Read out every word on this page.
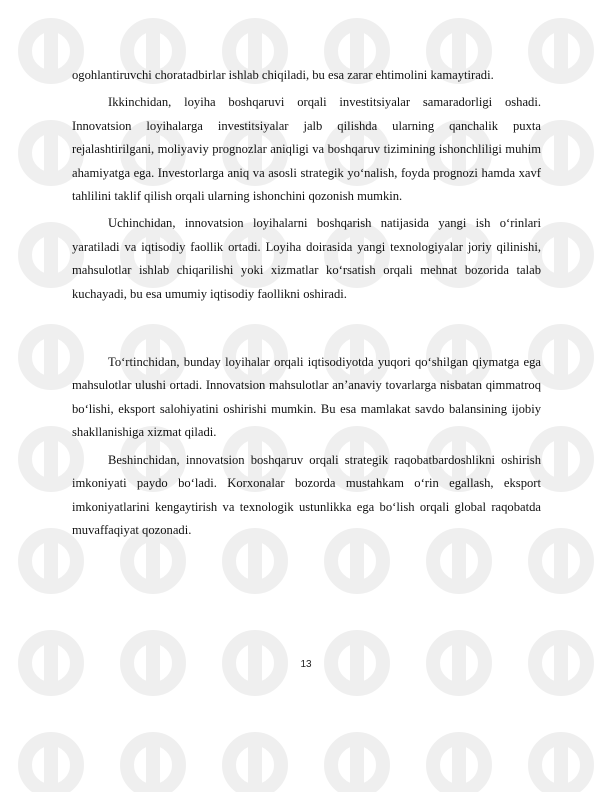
ogohlantiruvchi choratadbirlar ishlab chiqiladi, bu esa zarar ehtimolini kamaytiradi.

Ikkinchidan, loyiha boshqaruvi orqali investitsiyalar samaradorligi oshadi. Innovatsion loyihalarga investitsiyalar jalb qilishda ularning qanchalik puxta rejalashtirilgani, moliyaviy prognozlar aniqligi va boshqaruv tizimining ishonchliligi muhim ahamiyatga ega. Investorlarga aniq va asosli strategik yo‘nalish, foyda prognozi hamda xavf tahlilini taklif qilish orqali ularning ishonchini qozonish mumkin.

Uchinchidan, innovatsion loyihalarni boshqarish natijasida yangi ish o‘rinlari yaratiladi va iqtisodiy faollik ortadi. Loyiha doirasida yangi texnologiyalar joriy qilinishi, mahsulotlar ishlab chiqarilishi yoki xizmatlar ko‘rsatish orqali mehnat bozorida talab kuchayadi, bu esa umumiy iqtisodiy faollikni oshiradi.

To‘rtinchidan, bunday loyihalar orqali iqtisodiyotda yuqori qo‘shilgan qiymatga ega mahsulotlar ulushi ortadi. Innovatsion mahsulotlar an’anaviy tovarlarga nisbatan qimmatroq bo‘lishi, eksport salohiyatini oshirishi mumkin. Bu esa mamlakat savdo balansining ijobiy shakllanishiga xizmat qiladi.

Beshinchidan, innovatsion boshqaruv orqali strategik raqobatbardoshlikni oshirish imkoniyati paydo bo‘ladi. Korxonalar bozorda mustahkam o‘rin egallash, eksport imkoniyatlarini kengaytirish va texnologik ustunlikka ega bo‘lish orqali global raqobatda muvaffaqiyat qozonadi.

13
